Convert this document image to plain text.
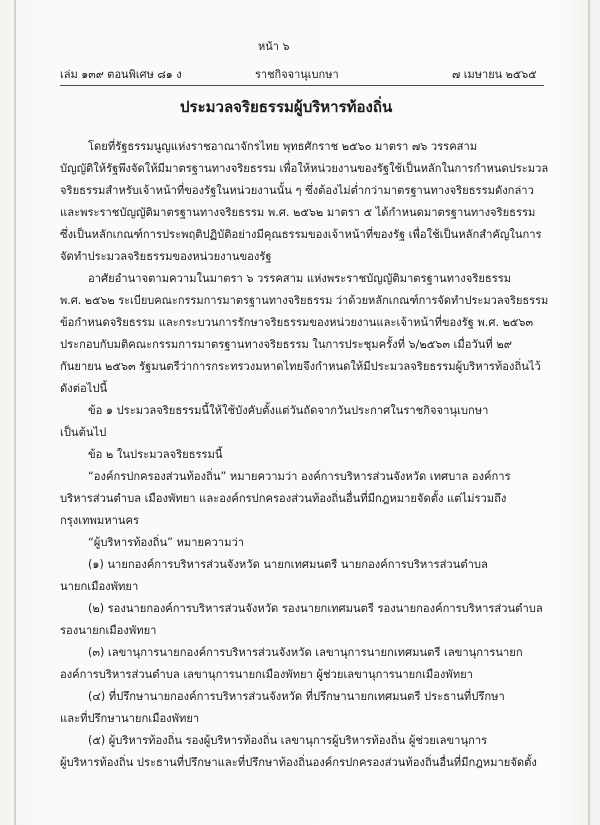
หน้า ๖
เล่ม ๑๓๙ ตอนพิเศษ ๘๑ ง	ราชกิจจานุเบกษา	๗ เมษายน ๒๕๖๕
ประมวลจริยธรรมผู้บริหารท้องถิ่น
โดยที่รัฐธรรมนูญแห่งราชอาณาจักรไทย พุทธศักราช ๒๕๖๐ มาตรา ๗๖ วรรคสาม
บัญญัติให้รัฐพึงจัดให้มีมาตรฐานทางจริยธรรม เพื่อให้หน่วยงานของรัฐใช้เป็นหลักในการกำหนดประมวล
จริยธรรมสำหรับเจ้าหน้าที่ของรัฐในหน่วยงานนั้น ๆ ซึ่งต้องไม่ต่ำกว่ามาตรฐานทางจริยธรรมดังกล่าว
และพระราชบัญญัติมาตรฐานทางจริยธรรม พ.ศ. ๒๕๖๒ มาตรา ๕ ได้กำหนดมาตรฐานทางจริยธรรม
ซึ่งเป็นหลักเกณฑ์การประพฤติปฏิบัติอย่างมีคุณธรรมของเจ้าหน้าที่ของรัฐ เพื่อใช้เป็นหลักสำคัญในการ
จัดทำประมวลจริยธรรมของหน่วยงานของรัฐ
อาศัยอำนาจตามความในมาตรา ๖ วรรคสาม แห่งพระราชบัญญัติมาตรฐานทางจริยธรรม
พ.ศ. ๒๕๖๒ ระเบียบคณะกรรมการมาตรฐานทางจริยธรรม ว่าด้วยหลักเกณฑ์การจัดทำประมวลจริยธรรม
ข้อกำหนดจริยธรรม และกระบวนการรักษาจริยธรรมของหน่วยงานและเจ้าหน้าที่ของรัฐ พ.ศ. ๒๕๖๓
ประกอบกับมติคณะกรรมการมาตรฐานทางจริยธรรม ในการประชุมครั้งที่ ๖/๒๕๖๓ เมื่อวันที่ ๒๙
กันยายน ๒๕๖๓ รัฐมนตรีว่าการกระทรวงมหาดไทยจึงกำหนดให้มีประมวลจริยธรรมผู้บริหารท้องถิ่นไว้
ดังต่อไปนี้
ข้อ ๑ ประมวลจริยธรรมนี้ให้ใช้บังคับตั้งแต่วันถัดจากวันประกาศในราชกิจจานุเบกษา
เป็นต้นไป
ข้อ ๒ ในประมวลจริยธรรมนี้
“องค์กรปกครองส่วนท้องถิ่น” หมายความว่า องค์การบริหารส่วนจังหวัด เทศบาล องค์การ
บริหารส่วนตำบล เมืองพัทยา และองค์กรปกครองส่วนท้องถิ่นอื่นที่มีกฎหมายจัดตั้ง แต่ไม่รวมถึง
กรุงเทพมหานคร
“ผู้บริหารท้องถิ่น” หมายความว่า
(๑) นายกองค์การบริหารส่วนจังหวัด นายกเทศมนตรี นายกองค์การบริหารส่วนตำบล
นายกเมืองพัทยา
(๒) รองนายกองค์การบริหารส่วนจังหวัด รองนายกเทศมนตรี รองนายกองค์การบริหารส่วนตำบล
รองนายกเมืองพัทยา
(๓) เลขานุการนายกองค์การบริหารส่วนจังหวัด เลขานุการนายกเทศมนตรี เลขานุการนายก
องค์การบริหารส่วนตำบล เลขานุการนายกเมืองพัทยา ผู้ช่วยเลขานุการนายกเมืองพัทยา
(๔) ที่ปรึกษานายกองค์การบริหารส่วนจังหวัด ที่ปรึกษานายกเทศมนตรี ประธานที่ปรึกษา
และที่ปรึกษานายกเมืองพัทยา
(๕) ผู้บริหารท้องถิ่น รองผู้บริหารท้องถิ่น เลขานุการผู้บริหารท้องถิ่น ผู้ช่วยเลขานุการ
ผู้บริหารท้องถิ่น ประธานที่ปรึกษาและที่ปรึกษาท้องถิ่นองค์กรปกครองส่วนท้องถิ่นอื่นที่มีกฎหมายจัดตั้ง
